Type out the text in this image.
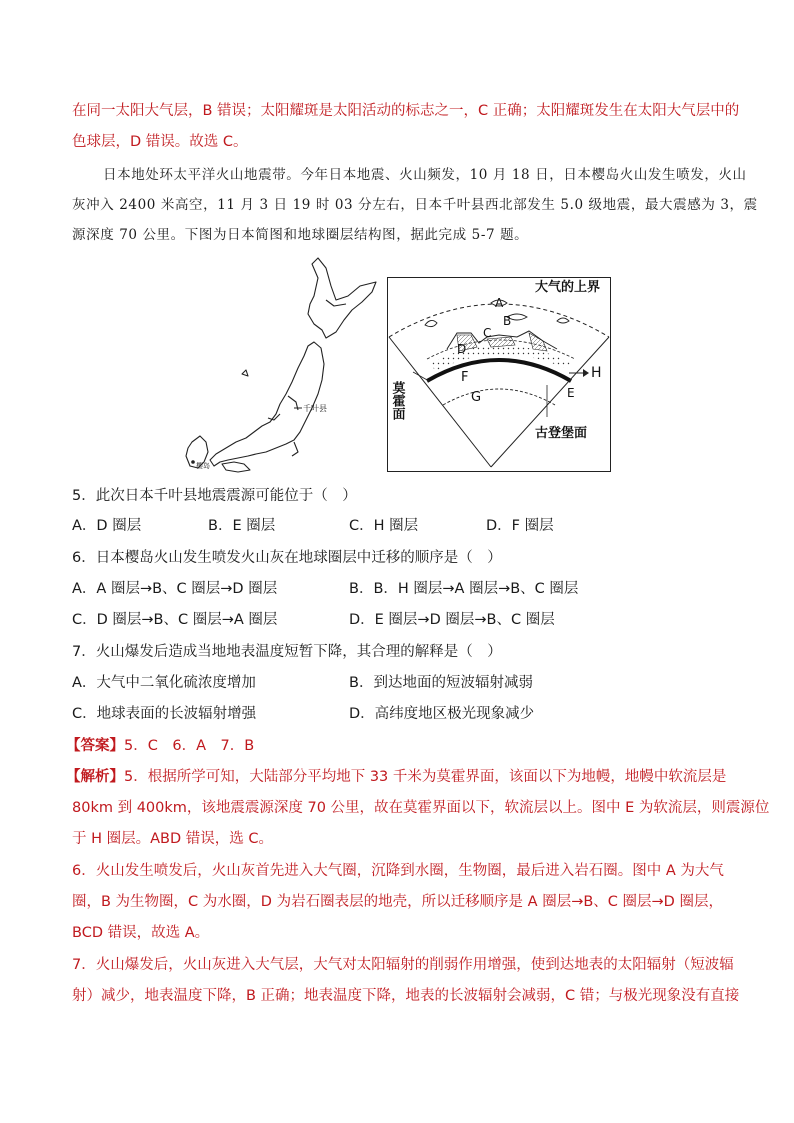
在同一太阳大气层，B 错误；太阳耀斑是太阳活动的标志之一，C 正确；太阳耀斑发生在太阳大气层中的
色球层，D 错误。故选 C。
日本地处环太平洋火山地震带。今年日本地震、火山频发，10 月 18 日，日本樱岛火山发生喷发，火山
灰冲入 2400 米高空，11 月 3 日 19 时 03 分左右，日本千叶县西北部发生 5.0 级地震，最大震感为 3，震
源深度 70 公里。下图为日本简图和地球圈层结构图，据此完成 5-7 题。
千叶县
樱岛
大气的上界
A
B
C
D
F
G	E
H
莫霍面
古登堡面
5．此次日本千叶县地震震源可能位于（　）
A．D 圈层	B．E 圈层	C．H 圈层	D．F 圈层
6．日本樱岛火山发生喷发火山灰在地球圈层中迁移的顺序是（　）
A．A 圈层→B、C 圈层→D 圈层	B．B．H 圈层→A 圈层→B、C 圈层
C．D 圈层→B、C 圈层→A 圈层	D．E 圈层→D 圈层→B、C 圈层
7．火山爆发后造成当地地表温度短暂下降，其合理的解释是（　）
A．大气中二氧化硫浓度增加	B．到达地面的短波辐射减弱
C．地球表面的长波辐射增强	D．高纬度地区极光现象减少
【答案】5．C　6．A　7．B
【解析】5．根据所学可知，大陆部分平均地下 33 千米为莫霍界面，该面以下为地幔，地幔中软流层是
80km 到 400km，该地震震源深度 70 公里，故在莫霍界面以下，软流层以上。图中 E 为软流层，则震源位
于 H 圈层。ABD 错误，选 C。
6．火山发生喷发后，火山灰首先进入大气圈，沉降到水圈，生物圈，最后进入岩石圈。图中 A 为大气
圈，B 为生物圈，C 为水圈，D 为岩石圈表层的地壳，所以迁移顺序是 A 圈层→B、C 圈层→D 圈层，
BCD 错误，故选 A。
7．火山爆发后，火山灰进入大气层，大气对太阳辐射的削弱作用增强，使到达地表的太阳辐射（短波辐
射）减少，地表温度下降，B 正确；地表温度下降，地表的长波辐射会减弱，C 错；与极光现象没有直接
